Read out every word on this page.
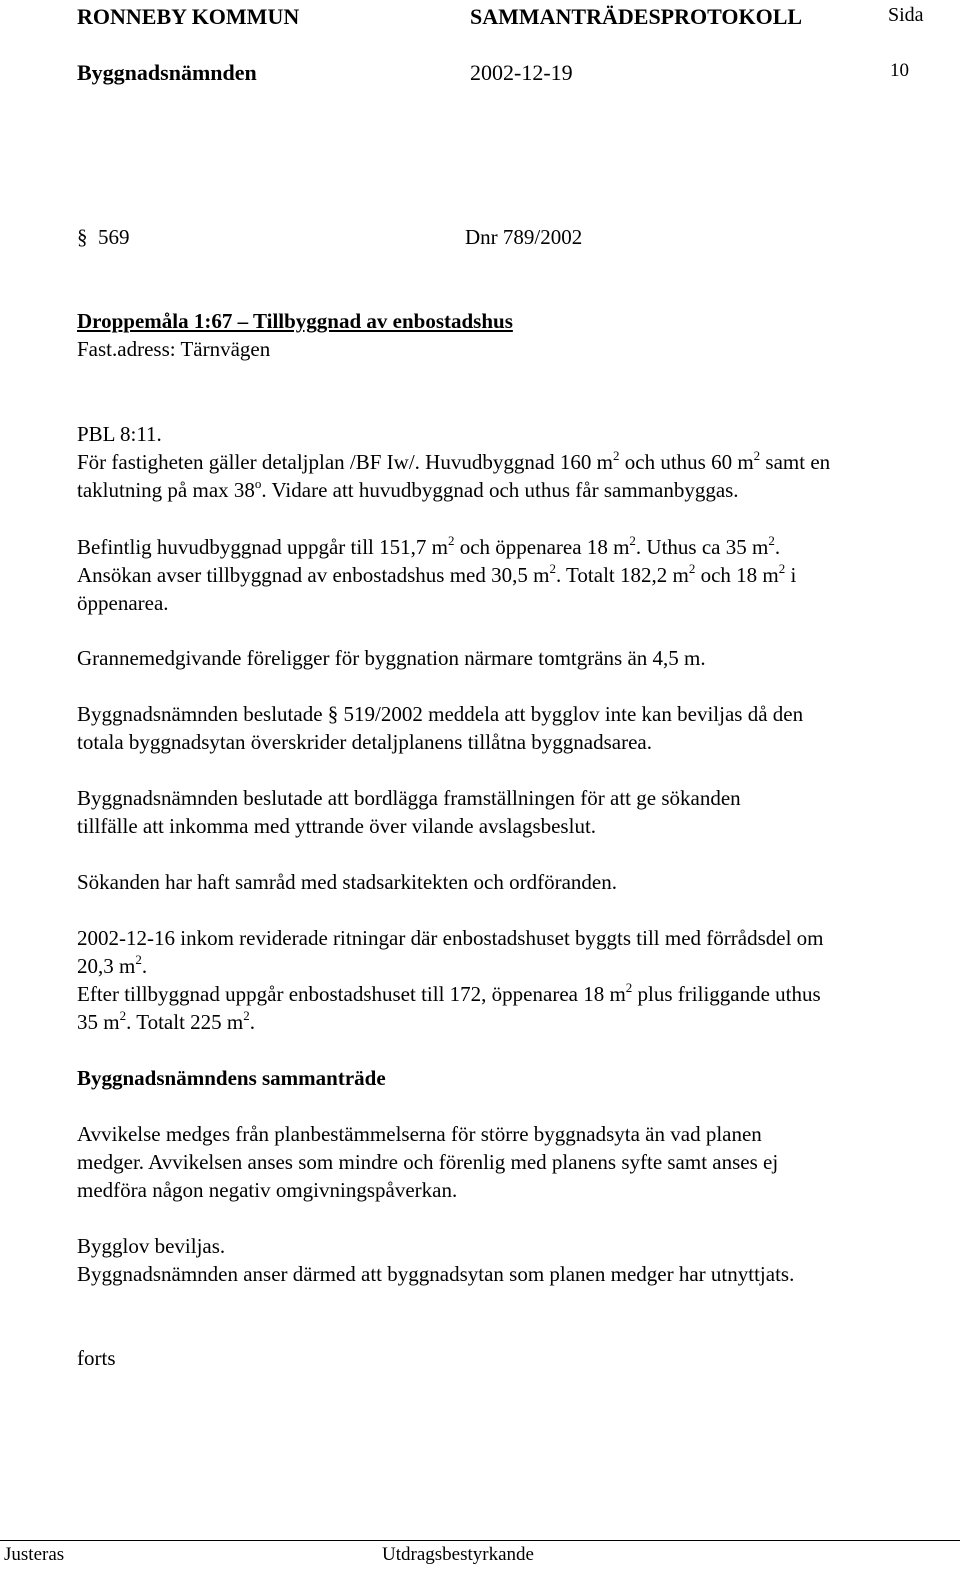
RONNEBY KOMMUN	SAMMANTRÄDESPROTOKOLL	Sida
Byggnadsnämnden	2002-12-19	10
§ 569	Dnr 789/2002
Droppemåla 1:67 – Tillbyggnad av enbostadshus
Fast.adress: Tärnvägen
PBL 8:11.
För fastigheten gäller detaljplan /BF Iw/. Huvudbyggnad 160 $m^2$ och uthus 60 $m^2$ samt en
taklutning på max 38$^o$. Vidare att huvudbyggnad och uthus får sammanbyggas.
Befintlig huvudbyggnad uppgår till 151,7 $m^2$ och öppenarea 18 $m^2$. Uthus ca 35 $m^2$.
Ansökan avser tillbyggnad av enbostadshus med 30,5 $m^2$. Totalt 182,2 $m^2$ och 18 $m^2$ i
öppenarea.
Grannemedgivande föreligger för byggnation närmare tomtgräns än 4,5 m.
Byggnadsnämnden beslutade § 519/2002 meddela att bygglov inte kan beviljas då den
totala byggnadsytan överskrider detaljplanens tillåtna byggnadsarea.
Byggnadsnämnden beslutade att bordlägga framställningen för att ge sökanden
tillfälle att inkomma med yttrande över vilande avslagsbeslut.
Sökanden har haft samråd med stadsarkitekten och ordföranden.
2002-12-16 inkom reviderade ritningar där enbostadshuset byggts till med förrådsdel om
20,3 $m^2$.
Efter tillbyggnad uppgår enbostadshuset till 172, öppenarea 18 $m^2$ plus friliggande uthus
35 $m^2$. Totalt 225 $m^2$.
Byggnadsnämndens sammanträde
Avvikelse medges från planbestämmelserna för större byggnadsyta än vad planen
medger. Avvikelsen anses som mindre och förenlig med planens syfte samt anses ej
medföra någon negativ omgivningspåverkan.
Bygglov beviljas.
Byggnadsnämnden anser därmed att byggnadsytan som planen medger har utnyttjats.
forts
Justeras	Utdragsbestyrkande
